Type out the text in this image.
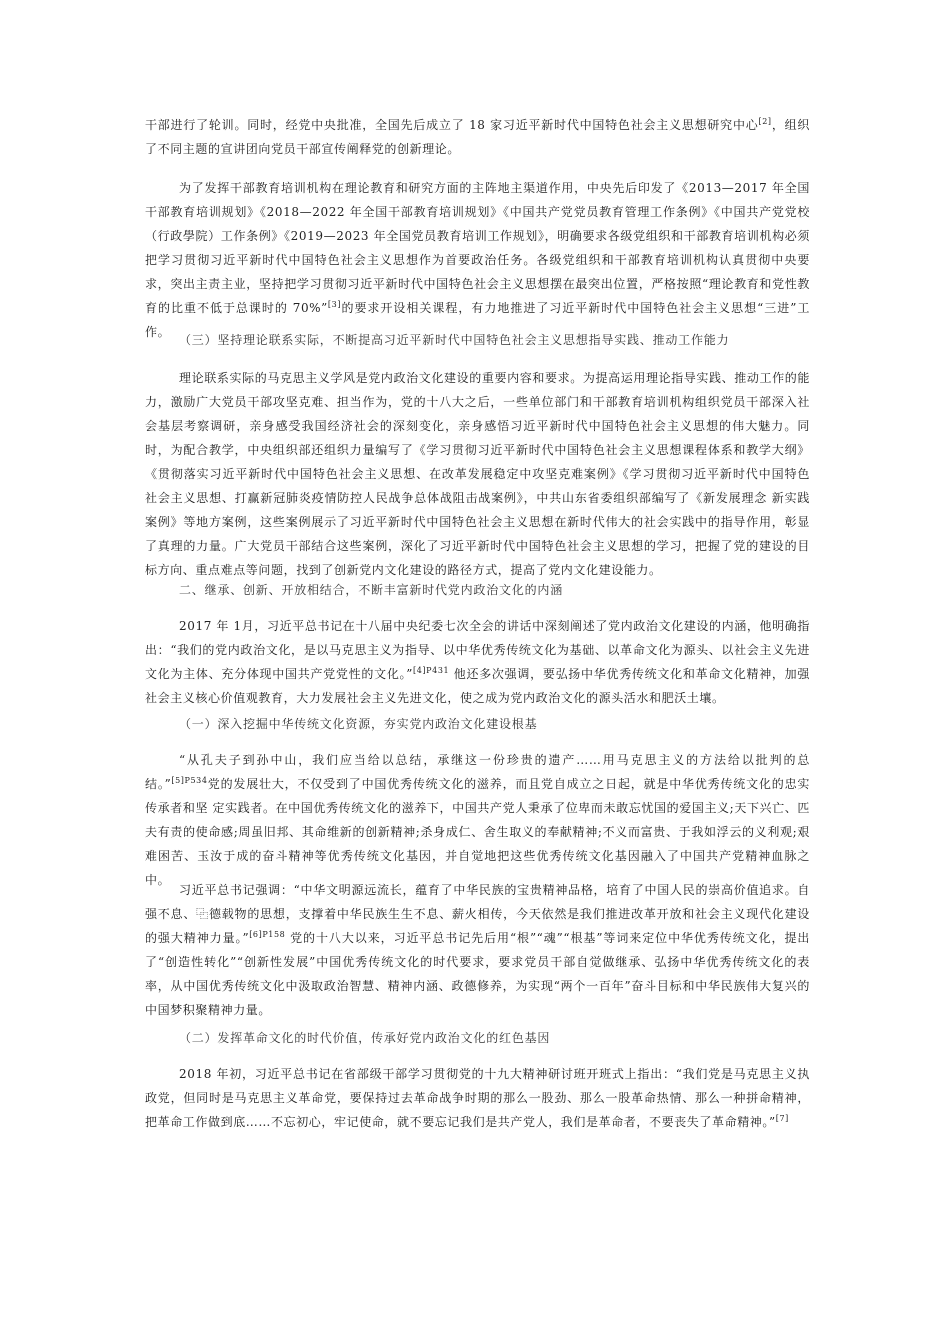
干部进行了轮训。同时，经党中央批准，全国先后成立了 18 家习近平新时代中国特色社会主义思想研究中心[2]，组织了不同主题的宣讲团向党员干部宣传阐释党的创新理论。

为了发挥干部教育培训机构在理论教育和研究方面的主阵地主渠道作用，中央先后印发了《2013—2017 年全国干部教育培训规划》《2018—2022 年全国干部教育培训规划》《中国共产党党员教育管理工作条例》《中国共产党党校（行政學院）工作条例》《2019—2023 年全国党员教育培训工作规划》，明确要求各级党组织和干部教育培训机构必须把学习贯彻习近平新时代中国特色社会主义思想作为首要政治任务。各级党组织和干部教育培训机构认真贯彻中央要 求，突出主责主业，坚持把学习贯彻习近平新时代中国特色社会主义思想摆在最突出位置，严格按照“理论教育和党性教育的比重不低于总课时的 70%”[3]的要求开设相关课程，有力地推进了习近平新时代中国特色社会主义思想“三进”工作。

（三）坚持理论联系实际，不断提高习近平新时代中国特色社会主义思想指导实践、推动工作能力

理论联系实际的马克思主义学风是党内政治文化建设的重要内容和要求。为提高运用理论指导实践、推动工作的能力，激励广大党员干部攻坚克难、担当作为，党的十八大之后，一些单位部门和干部教育培训机构组织党员干部深入社会基层考察调研，亲身感受我国经济社会的深刻变化，亲身感悟习近平新时代中国特色社会主义思想的伟大魅力。同 时，为配合教学，中央组织部还组织力量编写了《学习贯彻习近平新时代中国特色社会主义思想课程体系和教学大纲》《贯彻落实习近平新时代中国特色社会主义思想、在改革发展稳定中攻坚克难案例》《学习贯彻习近平新时代中国特色 社会主义思想、打赢新冠肺炎疫情防控人民战争总体战阻击战案例》，中共山东省委组织部编写了《新发展理念 新实践案例》等地方案例，这些案例展示了习近平新时代中国特色社会主义思想在新时代伟大的社会实践中的指导作用，彰显了真理的力量。广大党员干部结合这些案例，深化了习近平新时代中国特色社会主义思想的学习，把握了党的建设的目 标方向、重点难点等问题，找到了创新党内文化建设的路径方式，提高了党内文化建设能力。

二、继承、创新、开放相结合，不断丰富新时代党内政治文化的内涵

2017 年 1月，习近平总书记在十八届中央纪委七次全会的讲话中深刻阐述了党内政治文化建设的内涵，他明确指出：“我们的党内政治文化，是以马克思主义为指导、以中华优秀传统文化为基础、以革命文化为源头、以社会主义先进 文化为主体、充分体现中国共产党党性的文化。”$^{[4]P431}$ 他还多次强调，要弘扬中华优秀传统文化和革命文化精神，加强社会主义核心价值观教育，大力发展社会主义先进文化，使之成为党内政治文化的源头活水和肥沃土壤。

（一）深入挖掘中华传统文化资源，夯实党内政治文化建设根基

“从孔夫子到孙中山，我们应当给以总结，承继这一份珍贵的遗产……用马克思主义的方法给以批判的总结。”$^{[5]P534}$党的发展壮大，不仅受到了中国优秀传统文化的滋养，而且党自成立之日起，就是中华优秀传统文化的忠实传承者和坚 定实践者。在中国优秀传统文化的滋养下，中国共产党人秉承了位卑而未敢忘忧国的爱国主义;天下兴亡、匹夫有责的使命感;周虽旧邦、其命维新的创新精神;杀身成仁、舍生取义的奉献精神;不义而富贵、于我如浮云的义利观;艰难困苦、玉汝于成的奋斗精神等优秀传统文化基因，并自觉地把这些优秀传统文化基因融入了中国共产党精神血脉之中。

习近平总书记强调：“中华文明源远流长，蕴育了中华民族的宝贵精神品格，培育了中国人民的崇高价值追求。自强不息、⿻德载物的思想，支撑着中华民族生生不息、薪火相传，今天依然是我们推进改革开放和社会主义现代化建设的强大精神力量。”$^{[6]P158}$ 党的十八大以来，习近平总书记先后用“根”“魂”“根基”等词来定位中华优秀传统文化，提出了“创造性转化”“创新性发展”中国优秀传统文化的时代要求，要求党员干部自觉做继承、弘扬中华优秀传统文化的表率，从中国优秀传统文化中汲取政治智慧、精神内涵、政德修养，为实现“两个一百年”奋斗目标和中华民族伟大复兴的中国梦积聚精神力量。

（二）发挥革命文化的时代价值，传承好党内政治文化的红色基因

2018 年初，习近平总书记在省部级干部学习贯彻党的十九大精神研讨班开班式上指出：“我们党是马克思主义执政党，但同时是马克思主义革命党，要保持过去革命战争时期的那么一股劲、那么一股革命热情、那么一种拼命精神， 把革命工作做到底……不忘初心，牢记使命，就不要忘记我们是共产党人，我们是革命者，不要丧失了革命精神。”[7]
